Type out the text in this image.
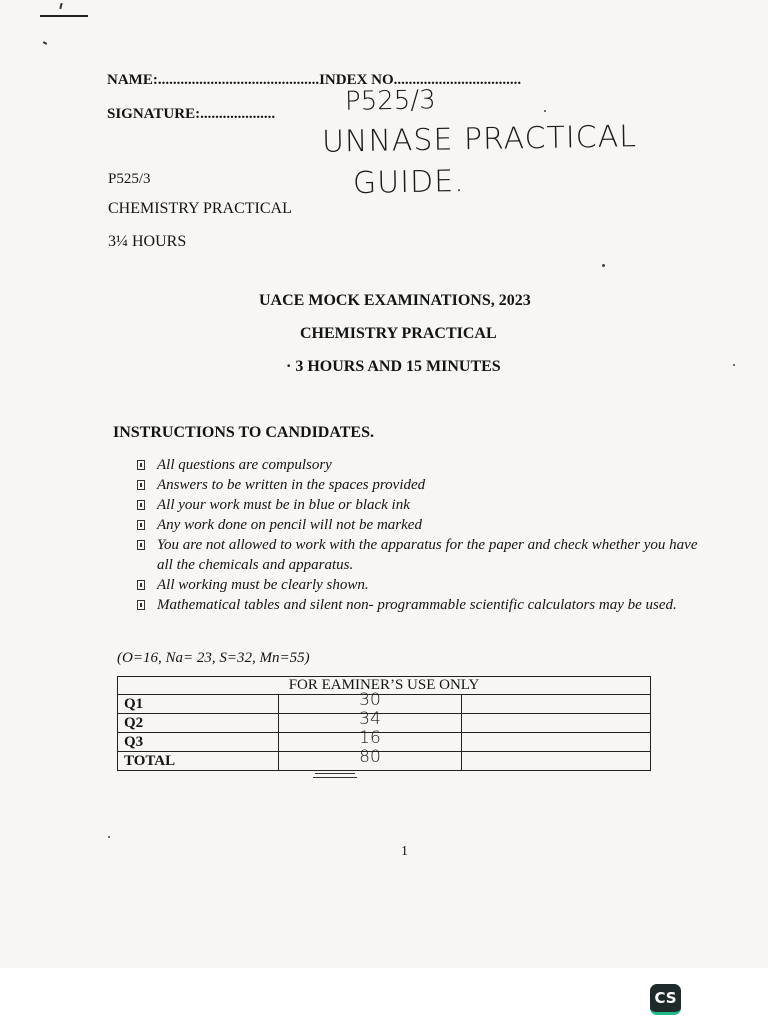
NAME:...........................................INDEX NO..................................
SIGNATURE:....................	P525/3
UNNASE PRACTICAL
GUIDE.
P525/3
CHEMISTRY PRACTICAL
3¼ HOURS
UACE MOCK EXAMINATIONS, 2023
CHEMISTRY PRACTICAL
· 3 HOURS AND 15 MINUTES
INSTRUCTIONS TO CANDIDATES.
All questions are compulsory
Answers to be written in the spaces provided
All your work must be in blue or black ink
Any work done on pencil will not be marked
You are not allowed to work with the apparatus for the paper and check whether you have all the chemicals and apparatus.
All working must be clearly shown.
Mathematical tables and silent non- programmable scientific calculators may be used.
(O=16, Na= 23, S=32, Mn=55)
FOR EAMINER’S USE ONLY		
Q1	30	
Q2	34	
Q3	16	
TOTAL	80	
1
CS
